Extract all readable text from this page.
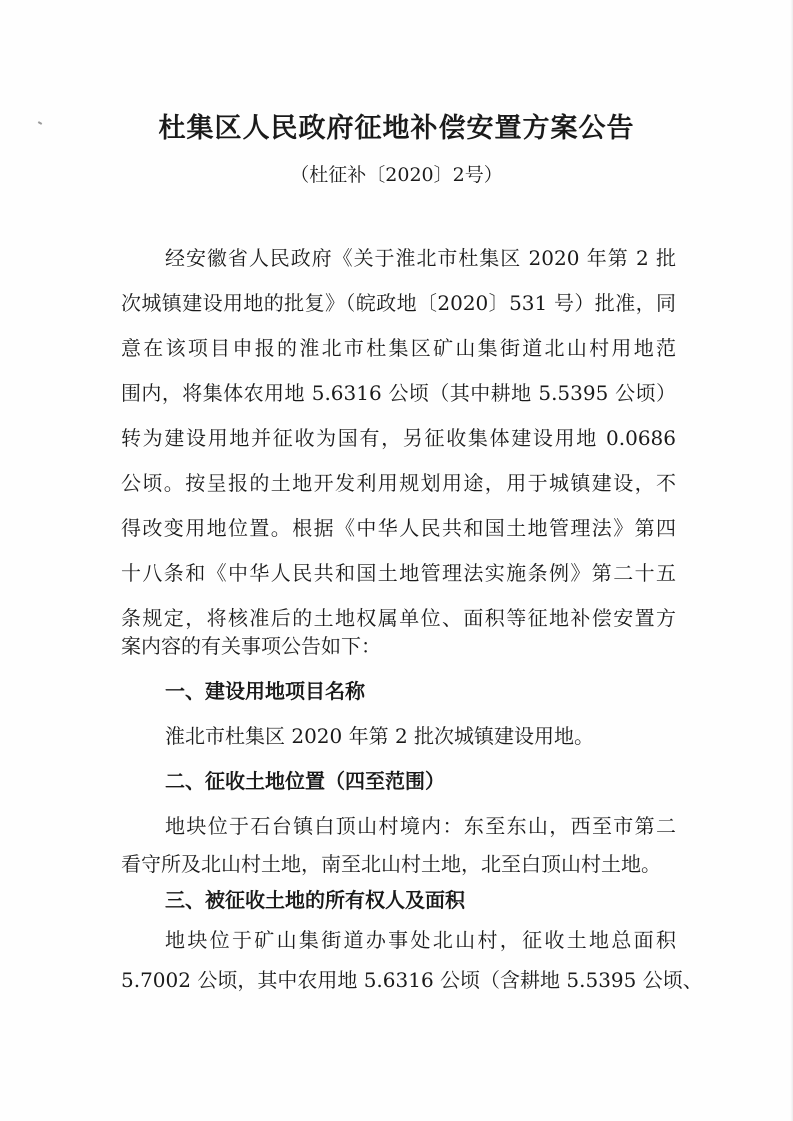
杜集区人民政府征地补偿安置方案公告
（杜征补〔2020〕2号）
经安徽省人民政府《关于淮北市杜集区 2020 年第 2 批
次城镇建设用地的批复》（皖政地〔2020〕531 号）批准，同
意在该项目申报的淮北市杜集区矿山集街道北山村用地范
围内，将集体农用地 5.6316 公顷（其中耕地 5.5395 公顷）
转为建设用地并征收为国有，另征收集体建设用地 0.0686
公顷。按呈报的土地开发利用规划用途，用于城镇建设，不
得改变用地位置。根据《中华人民共和国土地管理法》第四
十八条和《中华人民共和国土地管理法实施条例》第二十五
条规定，将核准后的土地权属单位、面积等征地补偿安置方
案内容的有关事项公告如下：
一、建设用地项目名称
淮北市杜集区 2020 年第 2 批次城镇建设用地。
二、征收土地位置（四至范围）
地块位于石台镇白顶山村境内：东至东山，西至市第二
看守所及北山村土地，南至北山村土地，北至白顶山村土地。
三、被征收土地的所有权人及面积
地块位于矿山集街道办事处北山村，征收土地总面积
5.7002 公顷，其中农用地 5.6316 公顷（含耕地 5.5395 公顷、
